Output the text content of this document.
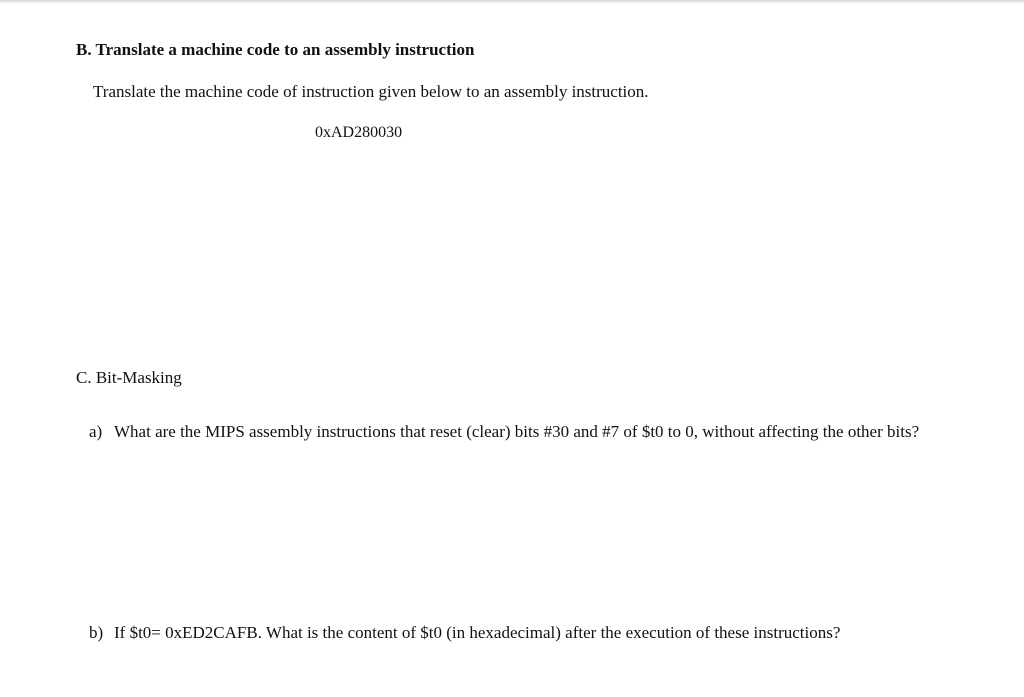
B. Translate a machine code to an assembly instruction

Translate the machine code of instruction given below to an assembly instruction.

0xAD280030

C. Bit-Masking

a) What are the MIPS assembly instructions that reset (clear) bits #30 and #7 of $t0 to 0, without affecting the other bits?
b) If $t0= 0xED2CAFB. What is the content of $t0 (in hexadecimal) after the execution of these instructions?
